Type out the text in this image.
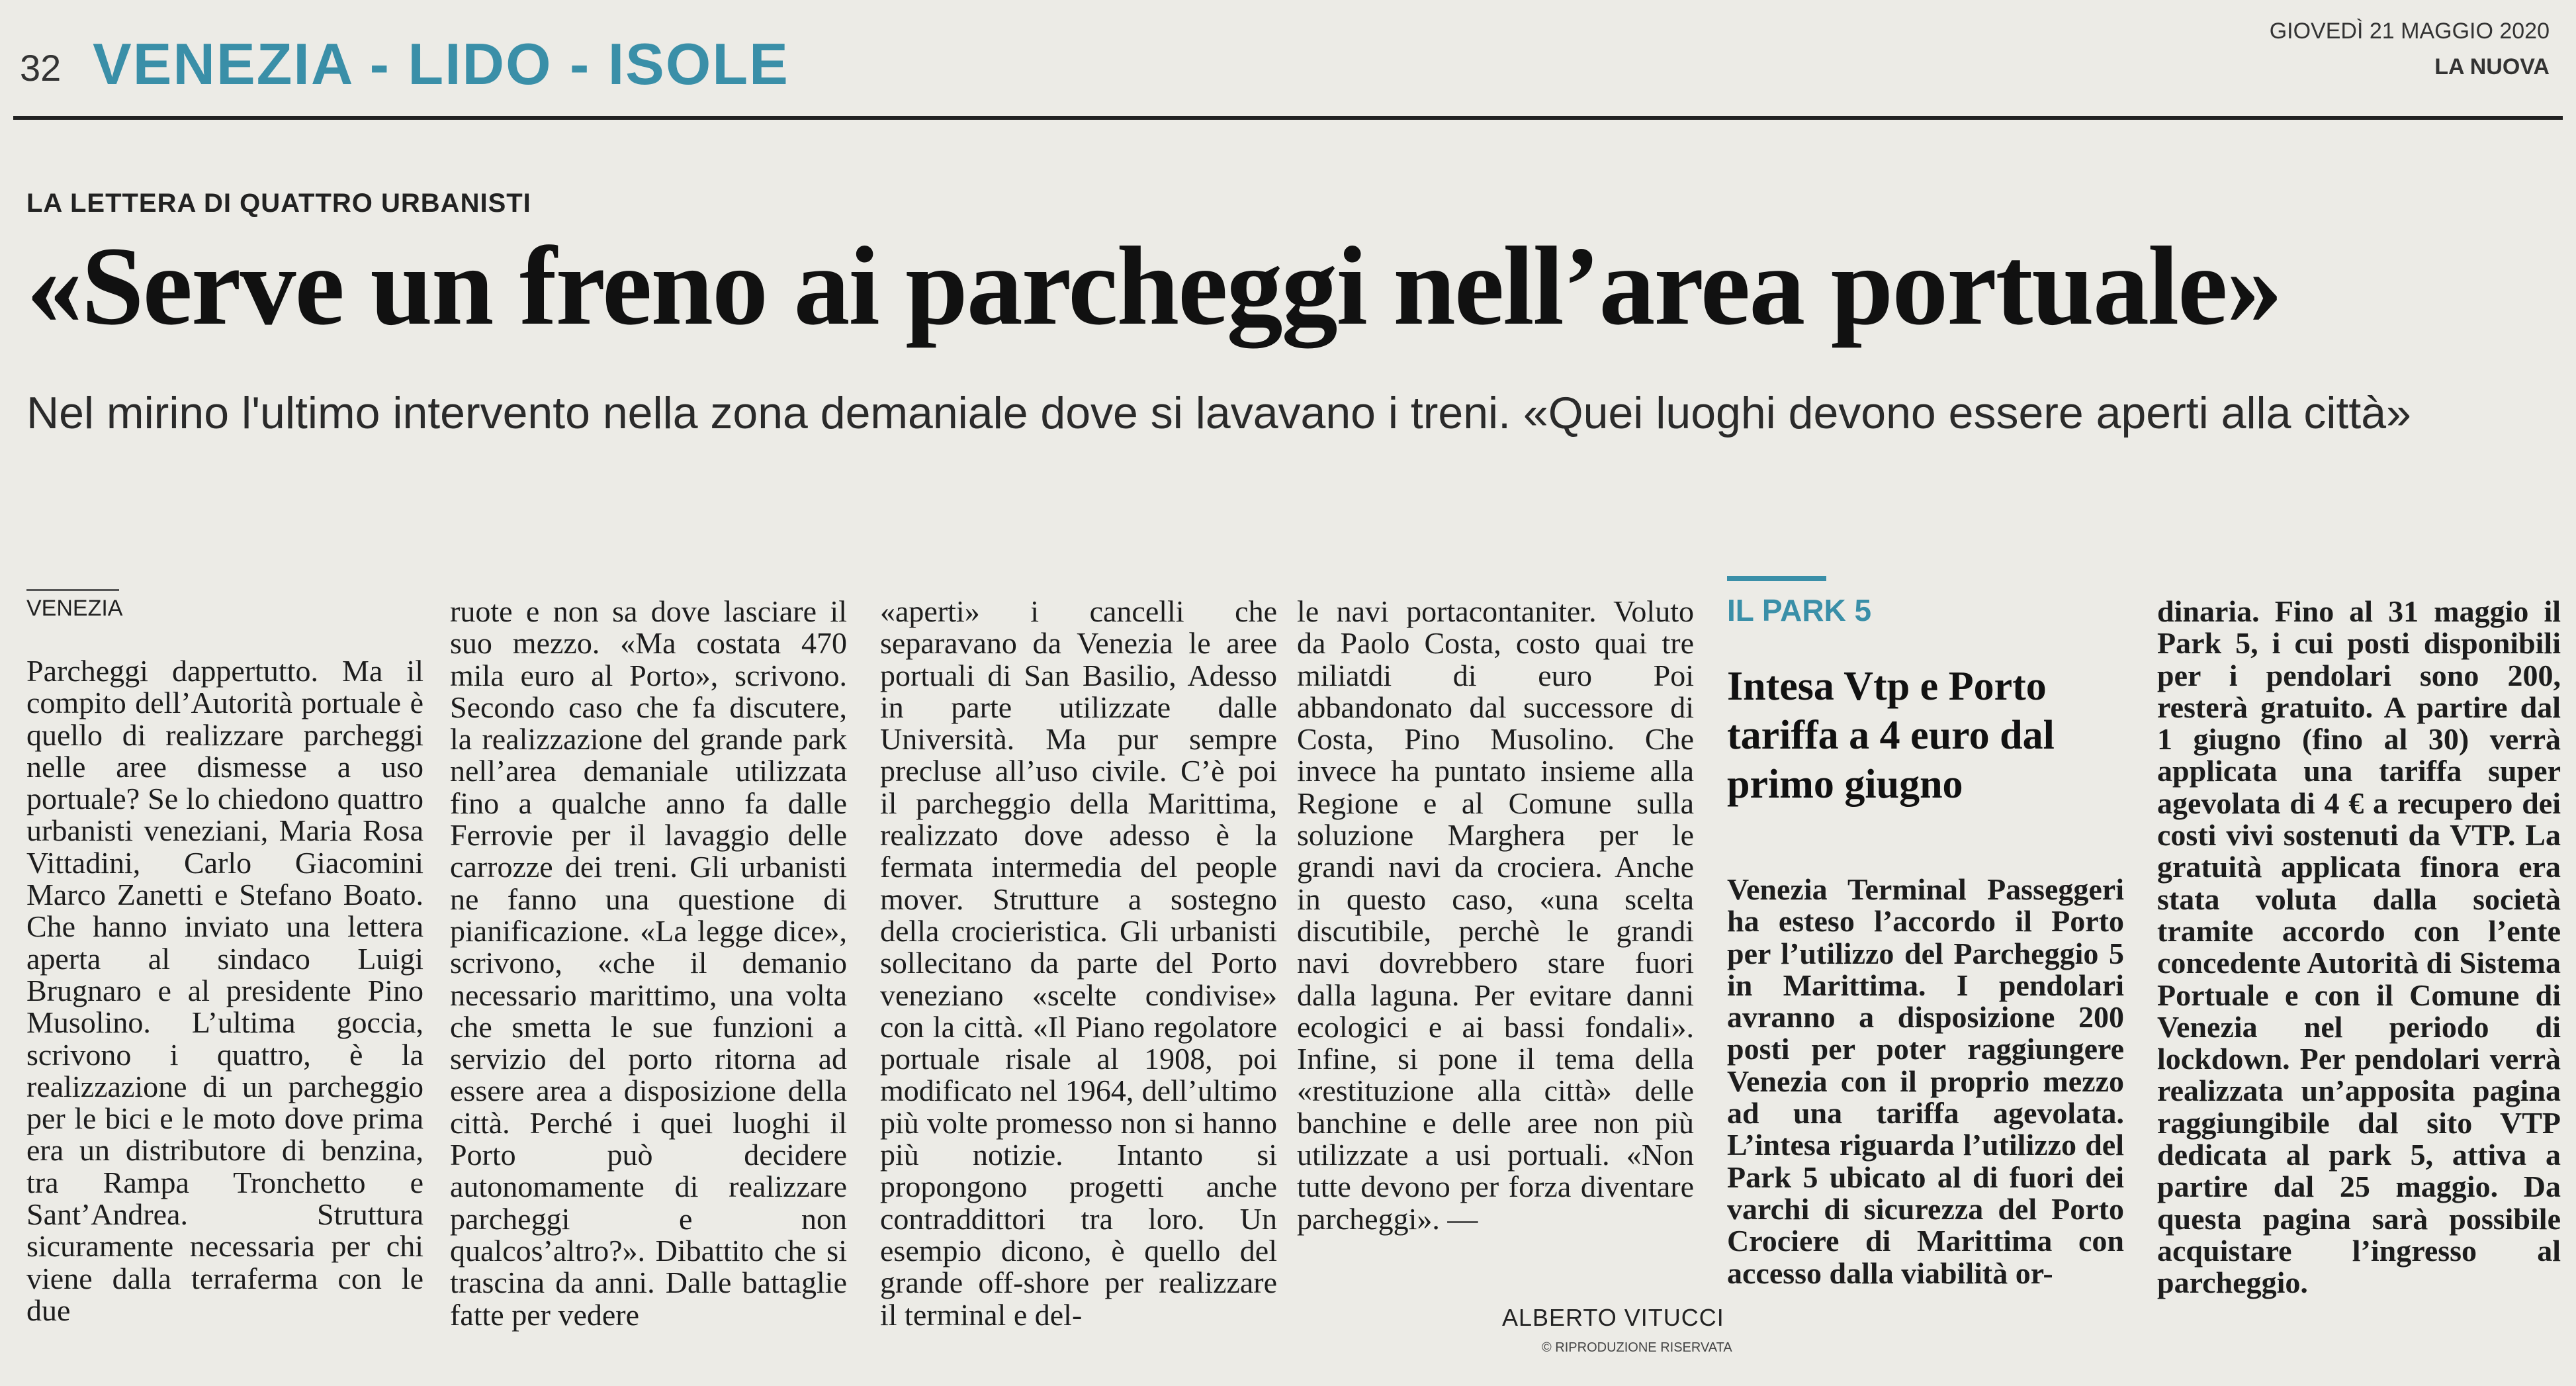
32 VENEZIA - LIDO - ISOLE	GIOVEDÌ 21 MAGGIO 2020
LA NUOVA
LA LETTERA DI QUATTRO URBANISTI
«Serve un freno ai parcheggi nell’area portuale»
Nel mirino l'ultimo intervento nella zona demaniale dove si lavavano i treni. «Quei luoghi devono essere aperti alla città»
VENEZIA
Parcheggi dappertutto. Ma il compito dell’Autorità portuale è quello di realizzare parcheggi nelle aree dismesse a uso portuale? Se lo chiedono quattro urbanisti veneziani, Maria Rosa Vittadini, Carlo Giacomini Marco Zanetti e Stefano Boato. Che hanno inviato una lettera aperta al sindaco Luigi Brugnaro e al presidente Pino Musolino. L’ultima goccia, scrivono i quattro, è la realizzazione di un parcheggio per le bici e le moto dove prima era un distributore di benzina, tra Rampa Tronchetto e Sant’Andrea. Struttura sicuramente necessaria per chi viene dalla terraferma con le due
ruote e non sa dove lasciare il suo mezzo. «Ma costata 470 mila euro al Porto», scrivono. Secondo caso che fa discutere, la realizzazione del grande park nell’area demaniale utilizzata fino a qualche anno fa dalle Ferrovie per il lavaggio delle carrozze dei treni. Gli urbanisti ne fanno una questione di pianificazione. «La legge dice», scrivono, «che il demanio necessario marittimo, una volta che smetta le sue funzioni a servizio del porto ritorna ad essere area a disposizione della città. Perché i quei luoghi il Porto può decidere autonomamente di realizzare parcheggi e non qualcos’altro?». Dibattito che si trascina da anni. Dalle battaglie fatte per vedere
«aperti» i cancelli che separavano da Venezia le aree portuali di San Basilio, Adesso in parte utilizzate dalle Università. Ma pur sempre precluse all’uso civile. C’è poi il parcheggio della Marittima, realizzato dove adesso è la fermata intermedia del people mover. Strutture a sostegno della crocieristica. Gli urbanisti sollecitano da parte del Porto veneziano «scelte condivise» con la città. «Il Piano regolatore portuale risale al 1908, poi modificato nel 1964, dell’ultimo più volte promesso non si hanno più notizie. Intanto si propongono progetti anche contraddittori tra loro. Un esempio dicono, è quello del grande off-shore per realizzare il terminal e del-
le navi portacontaniter. Voluto da Paolo Costa, costo quai tre miliatdi di euro Poi abbandonato dal successore di Costa, Pino Musolino. Che invece ha puntato insieme alla Regione e al Comune sulla soluzione Marghera per le grandi navi da crociera. Anche in questo caso, «una scelta discutibile, perchè le grandi navi dovrebbero stare fuori dalla laguna. Per evitare danni ecologici e ai bassi fondali». Infine, si pone il tema della «restituzione alla città» delle banchine e delle aree non più utilizzate a usi portuali. «Non tutte devono per forza diventare parcheggi». —
ALBERTO VITUCCI
© RIPRODUZIONE RISERVATA
IL PARK 5
Intesa Vtp e Porto tariffa a 4 euro dal primo giugno
Venezia Terminal Passeggeri ha esteso l’accordo il Porto per l’utilizzo del Parcheggio 5 in Marittima. I pendolari avranno a disposizione 200 posti per poter raggiungere Venezia con il proprio mezzo ad una tariffa agevolata. L’intesa riguarda l’utilizzo del Park 5 ubicato al di fuori dei varchi di sicurezza del Porto Crociere di Marittima con accesso dalla viabilità or-
dinaria. Fino al 31 maggio il Park 5, i cui posti disponibili per i pendolari sono 200, resterà gratuito. A partire dal 1 giugno (fino al 30) verrà applicata una tariffa super agevolata di 4 € a recupero dei costi vivi sostenuti da VTP. La gratuità applicata finora era stata voluta dalla società tramite accordo con l’ente concedente Autorità di Sistema Portuale e con il Comune di Venezia nel periodo di lockdown. Per pendolari verrà realizzata un’apposita pagina raggiungibile dal sito VTP dedicata al park 5, attiva a partire dal 25 maggio. Da questa pagina sarà possibile acquistare l’ingresso al parcheggio.
